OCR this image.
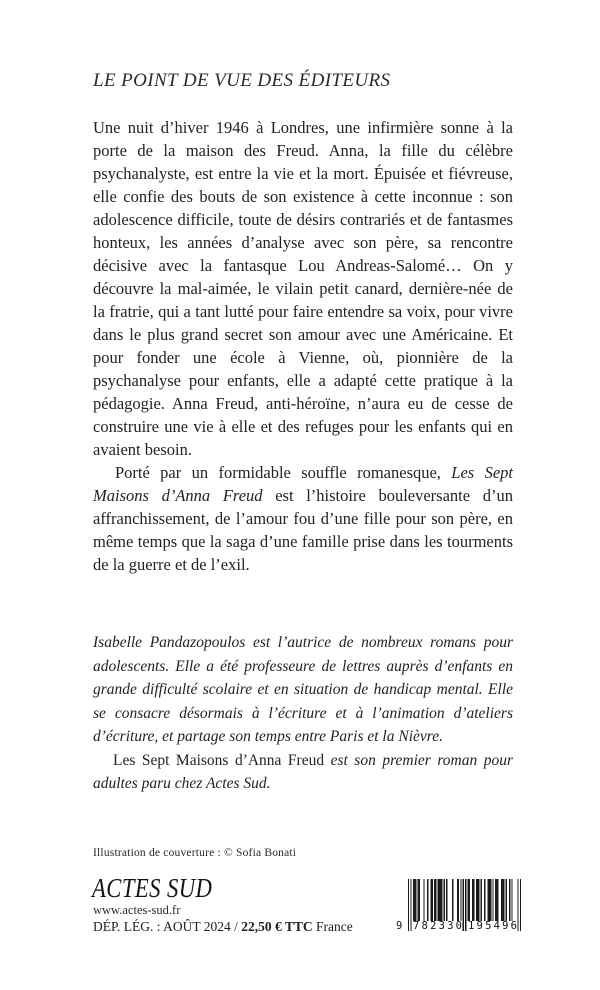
LE POINT DE VUE DES ÉDITEURS

Une nuit d’hiver 1946 à Londres, une infirmière sonne à la porte de la maison des Freud. Anna, la fille du célèbre psychanalyste, est entre la vie et la mort. Épuisée et fiévreuse, elle confie des bouts de son existence à cette inconnue : son adolescence difficile, toute de désirs contrariés et de fantasmes honteux, les années d’analyse avec son père, sa rencontre décisive avec la fantasque Lou Andreas-Salomé… On y découvre la mal-aimée, le vilain petit canard, dernière-née de la fratrie, qui a tant lutté pour faire entendre sa voix, pour vivre dans le plus grand secret son amour avec une Américaine. Et pour fonder une école à Vienne, où, pionnière de la psychanalyse pour enfants, elle a adapté cette pratique à la pédagogie. Anna Freud, anti-héroïne, n’aura eu de cesse de construire une vie à elle et des refuges pour les enfants qui en avaient besoin.

Porté par un formidable souffle romanesque, Les Sept Maisons d’Anna Freud est l’histoire bouleversante d’un affranchissement, de l’amour fou d’une fille pour son père, en même temps que la saga d’une famille prise dans les tourments de la guerre et de l’exil.

Isabelle Pandazopoulos est l’autrice de nombreux romans pour adolescents. Elle a été professeure de lettres auprès d’enfants en grande difficulté scolaire et en situation de handicap mental. Elle se consacre désormais à l’écriture et à l’animation d’ateliers d’écriture, et partage son temps entre Paris et la Nièvre.

Les Sept Maisons d’Anna Freud est son premier roman pour adultes paru chez Actes Sud.

Illustration de couverture : © Sofia Bonati
ACTES SUD
www.actes-sud.fr
DÉP. LÉG. : AOÛT 2024 / 22,50 € TTC France	9 7 8 2 3 3 0 1 9 5 4 9 6
